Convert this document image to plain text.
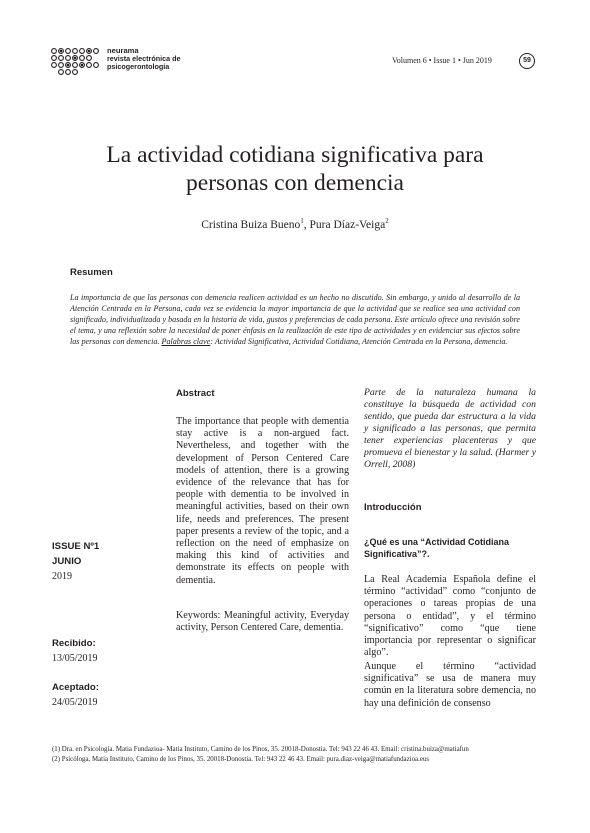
neurama
revista electrónica de
psicogerontología
Volumen 6 • Issue 1 • Jun 2019	59
La actividad cotidiana significativa para
personas con demencia
Cristina Buiza Bueno$^1$, Pura Díaz-Veiga$^2$
Resumen
La importancia de que las personas con demencia realicen actividad es un hecho no discutido. Sin embargo, y unido al desarrollo de la Atención Centrada en la Persona, cada vez se evidencia la mayor importancia de que la actividad que se realice sea una actividad con significado, individualizada y basada en la historia de vida, gustos y preferencias de cada persona. Este artículo ofrece una revisión sobre el tema, y una reflexión sobre la necesidad de poner énfasis en la realización de este tipo de actividades y en evidenciar sus efectos sobre las personas con demencia. Palabras clave: Actividad Significativa, Actividad Cotidiana, Atención Centrada en la Persona, demencia.
ISSUE Nº1
JUNIO
2019
Recibido:
13/05/2019
Aceptado:
24/05/2019
Abstract
The importance that people with dementia stay active is a non-argued fact. Nevertheless, and together with the development of Person Centered Care models of attention, there is a growing evidence of the relevance that has for people with dementia to be involved in meaningful activities, based on their own life, needs and preferences. The present paper presents a review of the topic, and a reflection on the need of emphasize on making this kind of activities and demonstrate its effects on people with dementia.
Keywords: Meaningful activity, Everyday activity, Person Centered Care, dementia.
Parte de la naturaleza humana la constituye la búsqueda de actividad con sentido, que pueda dar estructura a la vida y significado a las personas, que permita tener experiencias placenteras y que promueva el bienestar y la salud. (Harmer y Orrell, 2008)
Introducción
¿Qué es una “Actividad Cotidiana Significativa”?.
La Real Academia Española define el término “actividad” como “conjunto de operaciones o tareas propias de una persona o entidad”, y el término “significativo” como “que tiene importancia por representar o significar algo”.
Aunque el término “actividad significativa” se usa de manera muy común en la literatura sobre demencia, no hay una definición de consenso
(1) Dra. en Psicología. Matia Fundazioa- Matia Instituto, Camino de los Pinos, 35. 20018-Donostia. Tel: 943 22 46 43. Email: cristina.buiza@matiafun
(2) Psicóloga, Matia Instituto, Camino de los Pinos, 35. 20018-Donostia. Tel: 943 22 46 43. Email: pura.diaz-veiga@matiafundazioa.eus
